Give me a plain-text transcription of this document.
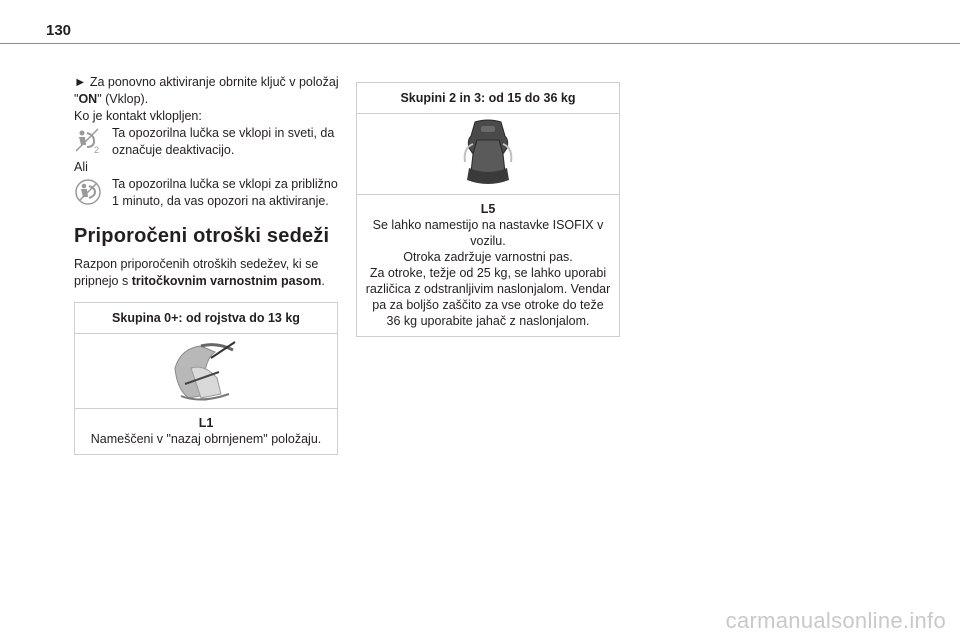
130

► Za ponovno aktiviranje obrnite ključ v položaj "ON" (Vklop).

Ko je kontakt vklopljen:

2
Ta opozorilna lučka se vklopi in sveti, da označuje deaktivacijo.

Ali

Ta opozorilna lučka se vklopi za približno 1 minuto, da vas opozori na aktiviranje.
Priporočeni otroški sedeži

Razpon priporočenih otroških sedežev, ki se pripnejo s tritočkovnim varnostnim pasom.

Skupina 0+: od rojstva do 13 kg
L1
Nameščeni v "nazaj obrnjenem" položaju.
Skupini 2 in 3: od 15 do 36 kg
L5
Se lahko namestijo na nastavke ISOFIX v vozilu.
Otroka zadržuje varnostni pas.
Za otroke, težje od 25 kg, se lahko uporabi različica z odstranljivim naslonjalom. Vendar pa za boljšo zaščito za vse otroke do teže 36 kg uporabite jahač z naslonjalom.
carmanualsonline.info
